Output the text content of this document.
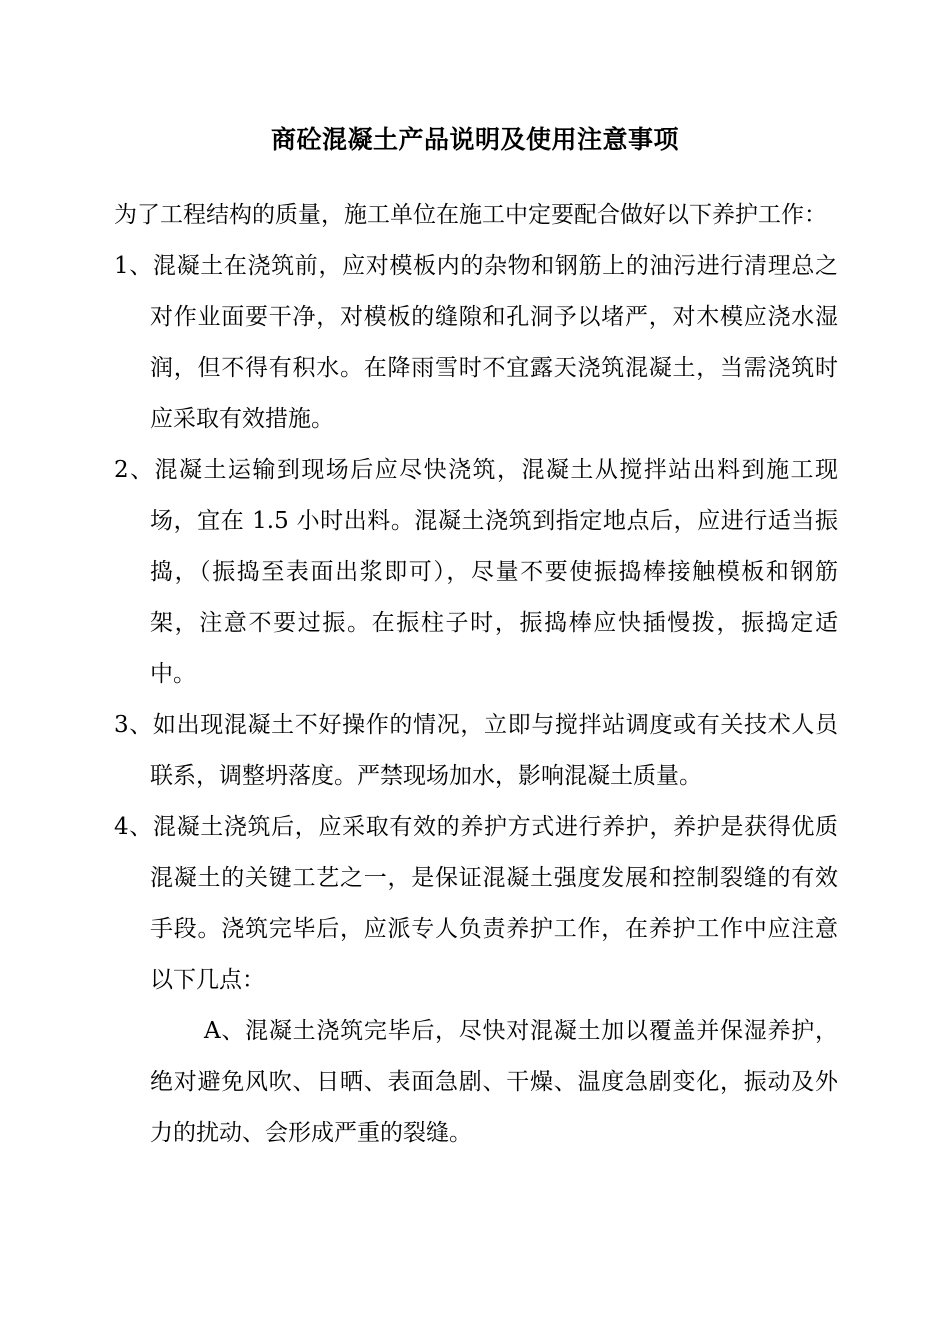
商砼混凝土产品说明及使用注意事项

为了工程结构的质量，施工单位在施工中定要配合做好以下养护工作：

1、混凝土在浇筑前，应对模板内的杂物和钢筋上的油污进行清理总之对作业面要干净，对模板的缝隙和孔洞予以堵严，对木模应浇水湿润，但不得有积水。在降雨雪时不宜露天浇筑混凝土，当需浇筑时应采取有效措施。

2、混凝土运输到现场后应尽快浇筑，混凝土从搅拌站出料到施工现场，宜在 1.5 小时出料。混凝土浇筑到指定地点后，应进行适当振捣，（振捣至表面出浆即可），尽量不要使振捣棒接触模板和钢筋架，注意不要过振。在振柱子时，振捣棒应快插慢拨，振捣定适中。

3、如出现混凝土不好操作的情况，立即与搅拌站调度或有关技术人员联系，调整坍落度。严禁现场加水，影响混凝土质量。

4、混凝土浇筑后，应采取有效的养护方式进行养护，养护是获得优质混凝土的关键工艺之一，是保证混凝土强度发展和控制裂缝的有效手段。浇筑完毕后，应派专人负责养护工作，在养护工作中应注意以下几点：

A、混凝土浇筑完毕后，尽快对混凝土加以覆盖并保湿养护，绝对避免风吹、日晒、表面急剧、干燥、温度急剧变化，振动及外力的扰动、会形成严重的裂缝。
